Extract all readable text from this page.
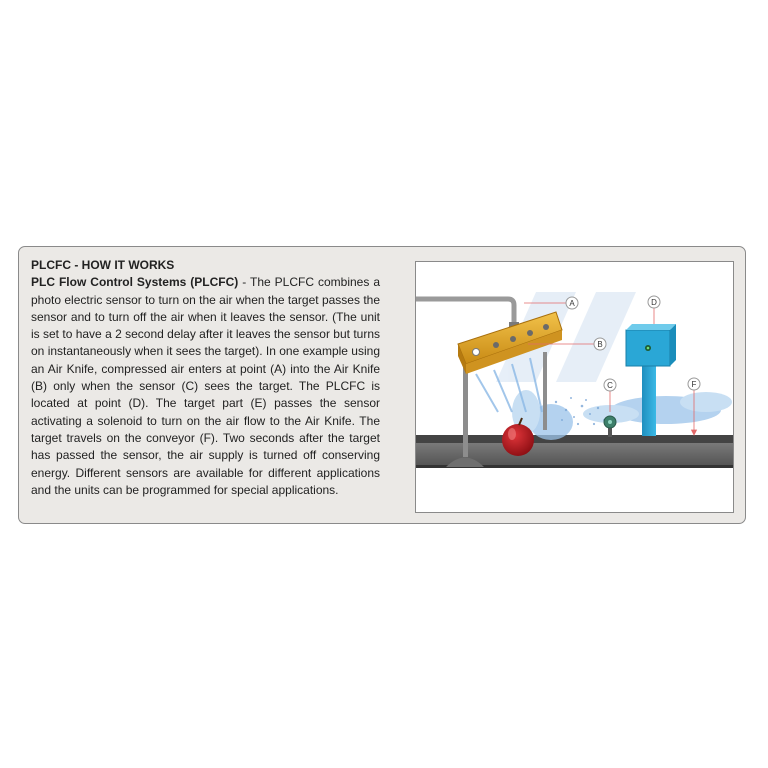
PLCFC - HOW IT WORKS
PLC Flow Control Systems (PLCFC) - The PLCFC combines a photo electric sensor to turn on the air when the target passes the sensor and to turn off the air when it leaves the sensor. (The unit is set to have a 2 second delay after it leaves the sensor but turns on instantaneously when it sees the target). In one example using an Air Knife, compressed air enters at point (A) into the Air Knife (B) only when the sensor (C) sees the target. The PLCFC is located at point (D). The target part (E) passes the sensor activating a solenoid to turn on the air flow to the Air Knife. The target travels on the conveyor (F). Two seconds after the target has passed the sensor, the air supply is turned off conserving energy. Different sensors are available for different applications and the units can be programmed for special applications.
A
B
C
D
F
